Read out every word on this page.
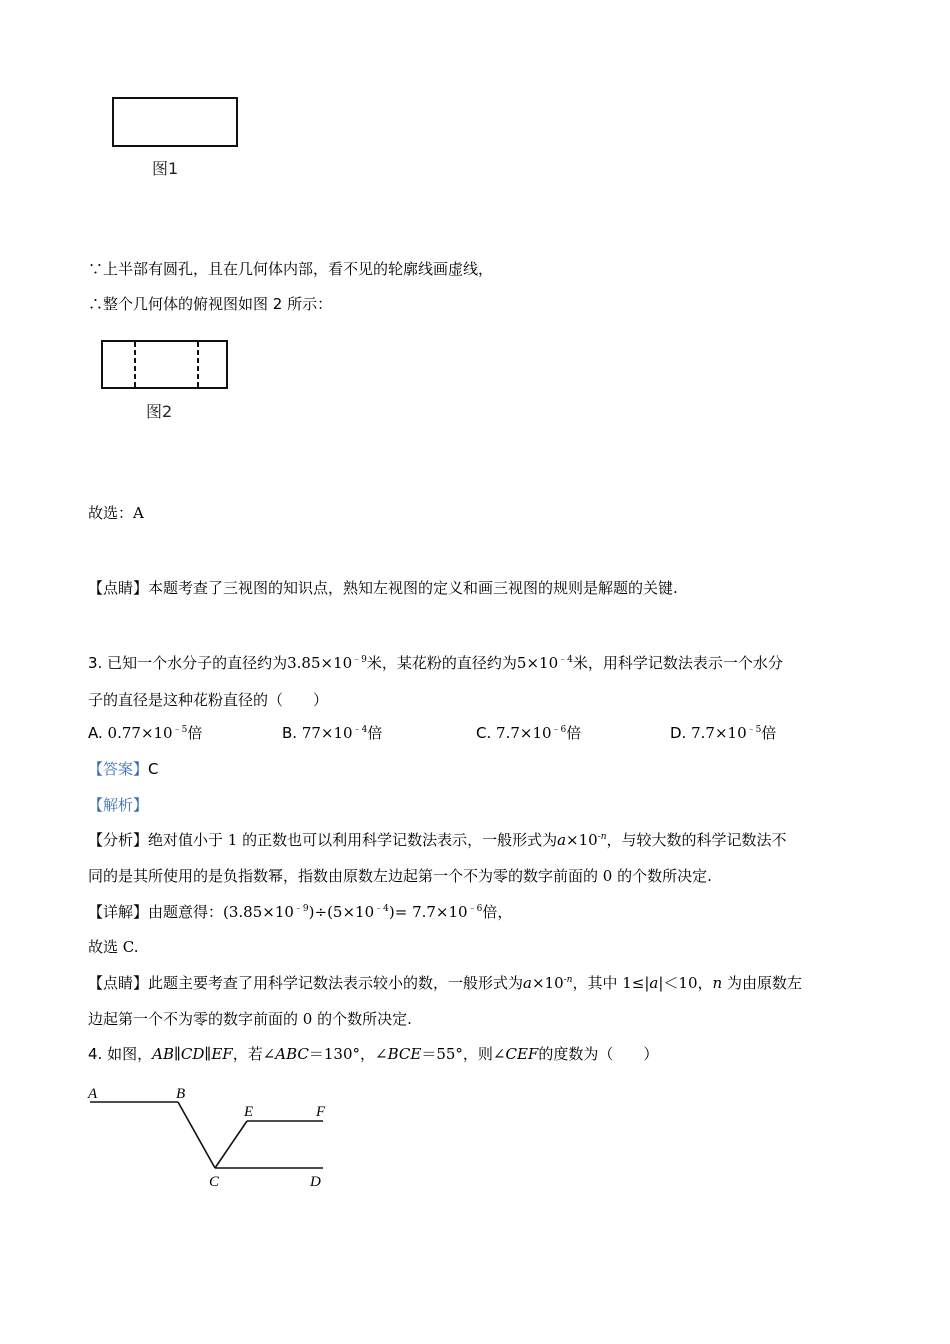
图1
∵上半部有圆孔，且在几何体内部，看不见的轮廓线画虚线，
∴整个几何体的俯视图如图 2 所示：
图2
故选：A
【点睛】本题考查了三视图的知识点，熟知左视图的定义和画三视图的规则是解题的关键.
3. 已知一个水分子的直径约为$3.85\times 10^{﹣9}$米，某花粉的直径约为$5\times 10^{﹣4}$米，用科学记数法表示一个水分
子的直径是这种花粉直径的（　　）
A. $0.77\times 10^{﹣5}$倍	B. $77\times 10^{﹣4}$倍	C. $7.7\times 10^{﹣6}$倍	D. $7.7\times 10^{﹣5}$倍
【答案】C
【解析】
【分析】绝对值小于 1 的正数也可以利用科学记数法表示，一般形式为$a\times 10^{-n}$，与较大数的科学记数法不
同的是其所使用的是负指数幂，指数由原数左边起第一个不为零的数字前面的 0 的个数所决定.
【详解】由题意得：$(3.85\times 10^{﹣9})\div(5\times 10^{﹣4})= 7.7\times 10^{﹣6}$倍，
故选 C.
【点睛】此题主要考查了用科学记数法表示较小的数，一般形式为$a\times 10^{-n}$，其中 1≤|a|＜10，n 为由原数左
边起第一个不为零的数字前面的 0 的个数所决定.
4. 如图，AB∥CD∥EF，若∠ABC＝130°，∠BCE＝55°，则∠CEF的度数为（　　）
A	B
E	F
C	D
